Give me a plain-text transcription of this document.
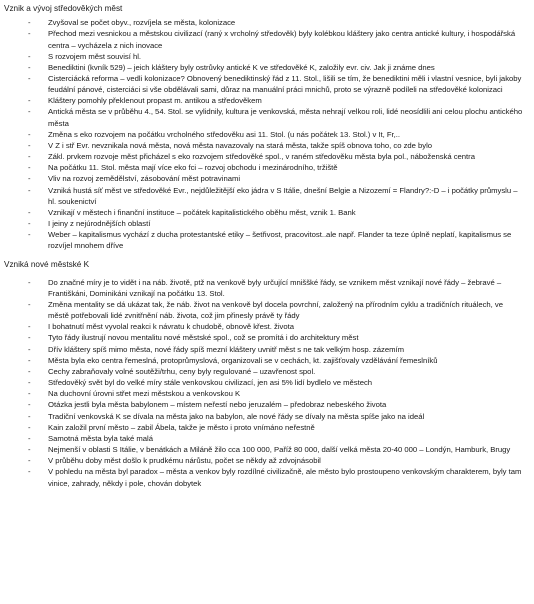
Vznik a vývoj středověkých měst
- Zvyšoval se počet obyv., rozvíjela se města, kolonizace
- Přechod mezi vesnickou a městskou civilizací (raný x vrcholný středověk) byly kolébkou kláštery jako centra antické kultury, i hospodářská centra – vycházela z nich inovace
- S rozvojem měst souvisí hl.
- Benediktini (kvník 529) – jeich kláštery byly ostrůvky antické K ve středověké K, založily evr. civ. Jak ji známe dnes
- Cisterciácká reforma – vedli kolonizace? Obnovený benediktinský řád z 11. Stol., lišili se tím, že benediktini měli i vlastní vesnice, byli jakoby feudální pánové, cisterciáci si vše obdělávali sami, důraz na manuální práci mnichů, proto se výrazně podíleli na středověké kolonizaci
- Kláštery pomohly překlenout propast m. antikou a středověkem
- Antická města se v průběhu 4., 54. Stol. se vylidnily, kultura je venkovská, města nehrají velkou roli, lidé neosídlili ani celou plochu antického města
- Změna s eko rozvojem na počátku vrcholného středověku asi 11. Stol. (u nás počátek 13. Stol.) v It, Fr,..
- V Z i stř Evr. nevznikala nová města, nová města navazovaly na stará města, takže spíš obnova toho, co zde bylo
- Zákl. prvkem rozvoje měst přicházel s eko rozvojem středověké spol., v raném středověku města byla pol., náboženská centra
- Na počátku 11. Stol. města mají více eko fci – rozvoj obchodu i mezinárodního, tržiště
- Vliv na rozvoj zemědělství, zásobování měst potravinami
- Vzniká hustá síť měst ve středověké Evr., nejdůležitější eko jádra v S Itálie, dnešní Belgie a Nizozemí = Flandry?:-D – i počátky průmyslu – hl. soukenictví
- Vznikají v městech i finanční instituce – počátek kapitalistického oběhu měst, vznik 1. Bank
- I jeiny z nejúrodnějších oblastí
- Weber – kapitalismus vychází z ducha protestantské etiky – šetřivost, pracovitost..ale např. Flander ta teze úplně neplatí, kapitalismus se rozvíjel mnohem dříve
Vzniká nové městské K
- Do značné míry je to vidět i na náb. životě, ptž na venkově byly určující mniššké řády, se vznikem měst vznikají nové řády – žebravé – Františkáni, Dominikáni vznikají na počátku 13. Stol.
- Změna mentality se dá ukázat tak, že náb. život na venkově byl docela povrchní, založený na přírodním cyklu a tradičních rituálech, ve městě potřebovali lidé zvnitřnění náb. života, což jim přinesly právě ty řády
- I bohatnutí měst vyvolal reakci k návratu k chudobě, obnově křest. života
- Tyto řády ilustrují novou mentalitu nové městské spol., což se promítá i do architektury měst
- Dřív kláštery spíš mimo města, nové řády spíš mezní kláštery uvnitř měst s ne tak velkým hosp. zázemím
- Města byla eko centra řemeslná, protoprůmyslová, organizovali se v cechách, kt. zajišťovaly vzdělávání řemeslníků
- Cechy zabraňovaly volné soutěži/trhu, ceny byly regulované – uzavřenost spol.
- Středověký svět byl do velké míry stále venkovskou civilizací, jen asi 5% lidí bydlelo ve městech
- Na duchovní úrovni střet mezi městskou a venkovskou K
- Otázka jestli byla města babylonem – místem neřestí nebo jeruzalém – předobraz nebeského života
- Tradiční venkovská K se dívala na města jako na babylon, ale nové řády se dívaly na města spíše jako na ideál
- Kain založil první město – zabil Ábela, takže je město i proto vnímáno neřestně
- Samotná města byla také malá
- Nejmenší v oblasti S Itálie, v benátkách a Miláně žilo cca 100 000, Paříž 80 000, další velká města 20-40 000 – Londýn, Hamburk, Brugy
- V průběhu doby měst došlo k prudkému nárůstu, počet se někdy až zdvojnásobil
- V pohledu na města byl paradox – města a venkov byly rozdílné civilizačně, ale město bylo prostoupeno venkovským charakterem, byly tam vinice, zahrady, někdy i pole, chován dobytek
